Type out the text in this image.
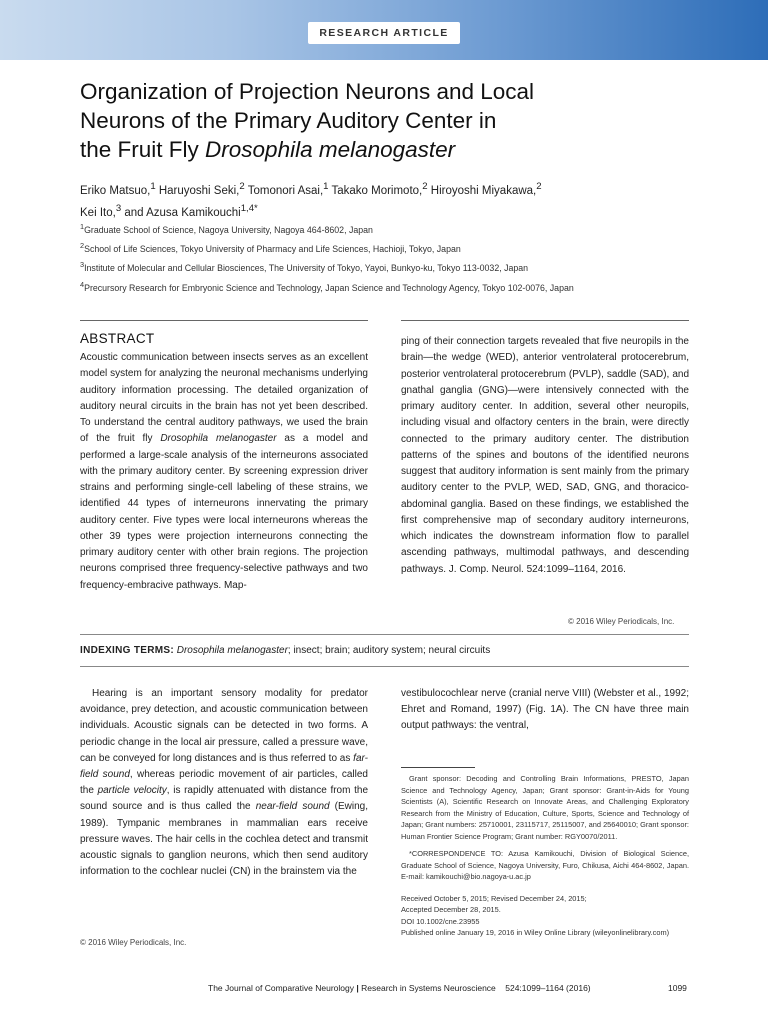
RESEARCH ARTICLE
Organization of Projection Neurons and Local
Neurons of the Primary Auditory Center in
the Fruit Fly Drosophila melanogaster
Eriko Matsuo,$^1$ Haruyoshi Seki,$^2$ Tomonori Asai,$^1$ Takako Morimoto,$^2$ Hiroyoshi Miyakawa,$^2$
Kei Ito,$^3$ and Azusa Kamikouchi$^{1,4*}$
$^1$Graduate School of Science, Nagoya University, Nagoya 464-8602, Japan
$^2$School of Life Sciences, Tokyo University of Pharmacy and Life Sciences, Hachioji, Tokyo, Japan
$^3$Institute of Molecular and Cellular Biosciences, The University of Tokyo, Yayoi, Bunkyo-ku, Tokyo 113-0032, Japan
$^4$Precursory Research for Embryonic Science and Technology, Japan Science and Technology Agency, Tokyo 102-0076, Japan
ABSTRACT
Acoustic communication between insects serves as an excellent model system for analyzing the neuronal mechanisms underlying auditory information processing. The detailed organization of auditory neural circuits in the brain has not yet been described. To understand the central auditory pathways, we used the brain of the fruit fly Drosophila melanogaster as a model and performed a large-scale analysis of the interneurons associated with the primary auditory center. By screening expression driver strains and performing single-cell labeling of these strains, we identified 44 types of interneurons innervating the primary auditory center. Five types were local interneurons whereas the other 39 types were projection interneurons connecting the primary auditory center with other brain regions. The projection neurons comprised three frequency-selective pathways and two frequency-embracive pathways. Map-
ping of their connection targets revealed that five neuropils in the brain—the wedge (WED), anterior ventrolateral protocerebrum, posterior ventrolateral protocerebrum (PVLP), saddle (SAD), and gnathal ganglia (GNG)—were intensively connected with the primary auditory center. In addition, several other neuropils, including visual and olfactory centers in the brain, were directly connected to the primary auditory center. The distribution patterns of the spines and boutons of the identified neurons suggest that auditory information is sent mainly from the primary auditory center to the PVLP, WED, SAD, GNG, and thoracico-abdominal ganglia. Based on these findings, we established the first comprehensive map of secondary auditory interneurons, which indicates the downstream information flow to parallel ascending pathways, multimodal pathways, and descending pathways. J. Comp. Neurol. 524:1099–1164, 2016.
© 2016 Wiley Periodicals, Inc.
INDEXING TERMS: Drosophila melanogaster; insect; brain; auditory system; neural circuits
Hearing is an important sensory modality for predator avoidance, prey detection, and acoustic communication between individuals. Acoustic signals can be detected in two forms. A periodic change in the local air pressure, called a pressure wave, can be conveyed for long distances and is thus referred to as far-field sound, whereas periodic movement of air particles, called the particle velocity, is rapidly attenuated with distance from the sound source and is thus called the near-field sound (Ewing, 1989). Tympanic membranes in mammalian ears receive pressure waves. The hair cells in the cochlea detect and transmit acoustic signals to ganglion neurons, which then send auditory information to the cochlear nuclei (CN) in the brainstem via the
© 2016 Wiley Periodicals, Inc.
vestibulocochlear nerve (cranial nerve VIII) (Webster et al., 1992; Ehret and Romand, 1997) (Fig. 1A). The CN have three main output pathways: the ventral,

Grant sponsor: Decoding and Controlling Brain Informations, PRESTO, Japan Science and Technology Agency, Japan; Grant sponsor: Grant-in-Aids for Young Scientists (A), Scientific Research on Innovate Areas, and Challenging Exploratory Research from the Ministry of Education, Culture, Sports, Science and Technology of Japan; Grant numbers: 25710001, 23115717, 25115007, and 25640010; Grant sponsor: Human Frontier Science Program; Grant number: RGY0070/2011.

*CORRESPONDENCE TO: Azusa Kamikouchi, Division of Biological Science, Graduate School of Science, Nagoya University, Furo, Chikusa, Aichi 464-8602, Japan. E-mail: kamikouchi@bio.nagoya-u.ac.jp

Received October 5, 2015; Revised December 24, 2015;
Accepted December 28, 2015.
DOI 10.1002/cne.23955
Published online January 19, 2016 in Wiley Online Library (wileyonlinelibrary.com)
The Journal of Comparative Neurology | Research in Systems Neuroscience 524:1099–1164 (2016)	1099
